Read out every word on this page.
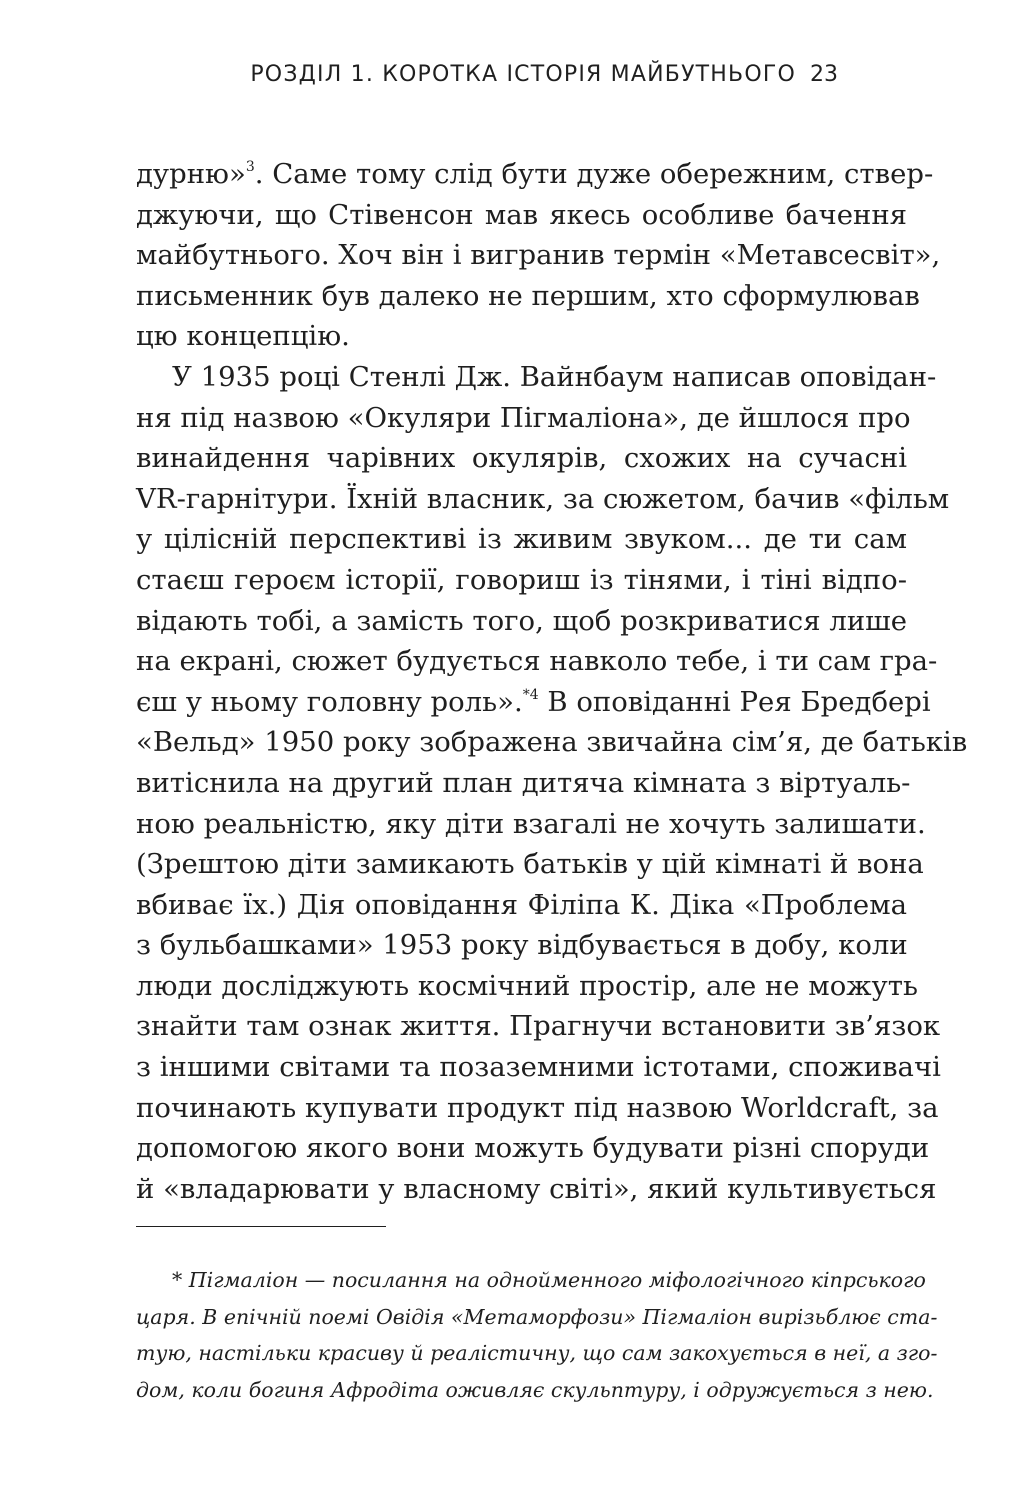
РОЗДІЛ 1. КОРОТКА ІСТОРІЯ МАЙБУТНЬОГО 23
дурню»$^3$. Саме тому слід бути дуже обережним, ствер-
джуючи, що Стівенсон мав якесь особливе бачення
майбутнього. Хоч він і вигранив термін «Метавсесвіт»,
письменник був далеко не першим, хто сформулював
цю концепцію.
У 1935 році Стенлі Дж. Вайнбаум написав оповідан-
ня під назвою «Окуляри Пігмаліона», де йшлося про
винайдення чарівних окулярів, схожих на сучасні
VR-гарнітури. Їхній власник, за сюжетом, бачив «фільм
у цілісній перспективі із живим звуком... де ти сам
стаєш героєм історії, говориш із тінями, і тіні відпо-
відають тобі, а замість того, щоб розкриватися лише
на екрані, сюжет будується навколо тебе, і ти сам гра-
єш у ньому головну роль».$^{*4}$ В оповіданні Рея Бредбері
«Вельд» 1950 року зображена звичайна сім’я, де батьків
витіснила на другий план дитяча кімната з віртуаль-
ною реальністю, яку діти взагалі не хочуть залишати.
(Зрештою діти замикають батьків у цій кімнаті й вона
вбиває їх.) Дія оповідання Філіпа К. Діка «Проблема
з бульбашками» 1953 року відбувається в добу, коли
люди досліджують космічний простір, але не можуть
знайти там ознак життя. Прагнучи встановити зв’язок
з іншими світами та позаземними істотами, споживачі
починають купувати продукт під назвою Worldcraft, за
допомогою якого вони можуть будувати різні споруди
й «владарювати у власному світі», який культивується
* Пігмаліон — посилання на однойменного міфологічного кіпрського
царя. В епічній поемі Овідія «Метаморфози» Пігмаліон вирізьблює ста-
тую, настільки красиву й реалістичну, що сам закохується в неї, а зго-
дом, коли богиня Афродіта оживляє скульптуру, і одружується з нею.
